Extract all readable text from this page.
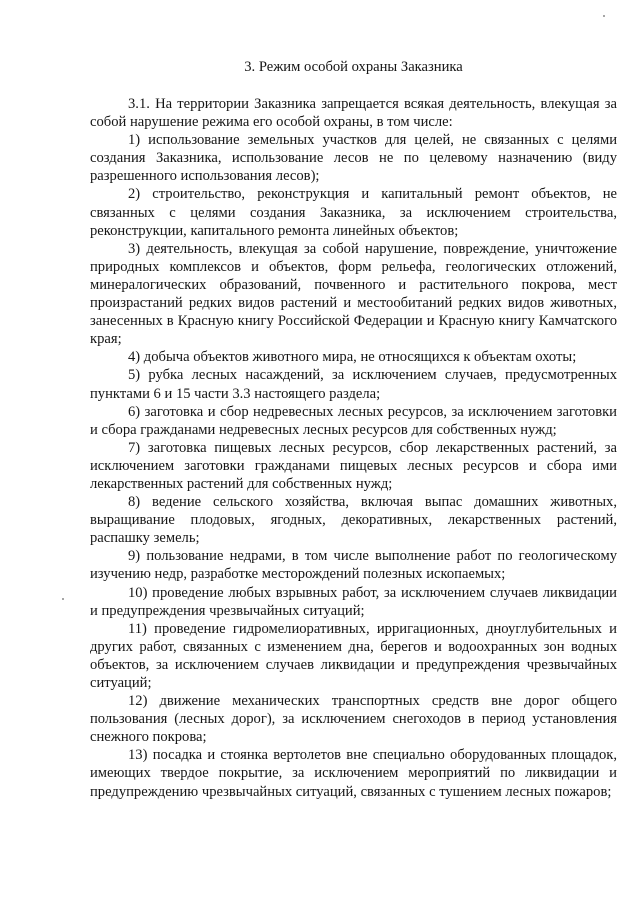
3. Режим особой охраны Заказника

3.1. На территории Заказника запрещается всякая деятельность, влекущая за собой нарушение режима его особой охраны, в том числе:

1) использование земельных участков для целей, не связанных с целями создания Заказника, использование лесов не по целевому назначению (виду разрешенного использования лесов);

2) строительство, реконструкция и капитальный ремонт объектов, не связанных с целями создания Заказника, за исключением строительства, реконструкции, капитального ремонта линейных объектов;

3) деятельность, влекущая за собой нарушение, повреждение, уничтожение природных комплексов и объектов, форм рельефа, геологических отложений, минералогических образований, почвенного и растительного покрова, мест произрастаний редких видов растений и местообитаний редких видов животных, занесенных в Красную книгу Российской Федерации и Красную книгу Камчатского края;

4) добыча объектов животного мира, не относящихся к объектам охоты;

5) рубка лесных насаждений, за исключением случаев, предусмотренных пунктами 6 и 15 части 3.3 настоящего раздела;

6) заготовка и сбор недревесных лесных ресурсов, за исключением заготовки и сбора гражданами недревесных лесных ресурсов для собственных нужд;

7) заготовка пищевых лесных ресурсов, сбор лекарственных растений, за исключением заготовки гражданами пищевых лесных ресурсов и сбора ими лекарственных растений для собственных нужд;

8) ведение сельского хозяйства, включая выпас домашних животных, выращивание плодовых, ягодных, декоративных, лекарственных растений, распашку земель;

9) пользование недрами, в том числе выполнение работ по геологическому изучению недр, разработке месторождений полезных ископаемых;

10) проведение любых взрывных работ, за исключением случаев ликвидации и предупреждения чрезвычайных ситуаций;

11) проведение гидромелиоративных, ирригационных, дноуглубительных и других работ, связанных с изменением дна, берегов и водоохранных зон водных объектов, за исключением случаев ликвидации и предупреждения чрезвычайных ситуаций;

12) движение механических транспортных средств вне дорог общего пользования (лесных дорог), за исключением снегоходов в период установления снежного покрова;

13) посадка и стоянка вертолетов вне специально оборудованных площадок, имеющих твердое покрытие, за исключением мероприятий по ликвидации и предупреждению чрезвычайных ситуаций, связанных с тушением лесных пожаров;
